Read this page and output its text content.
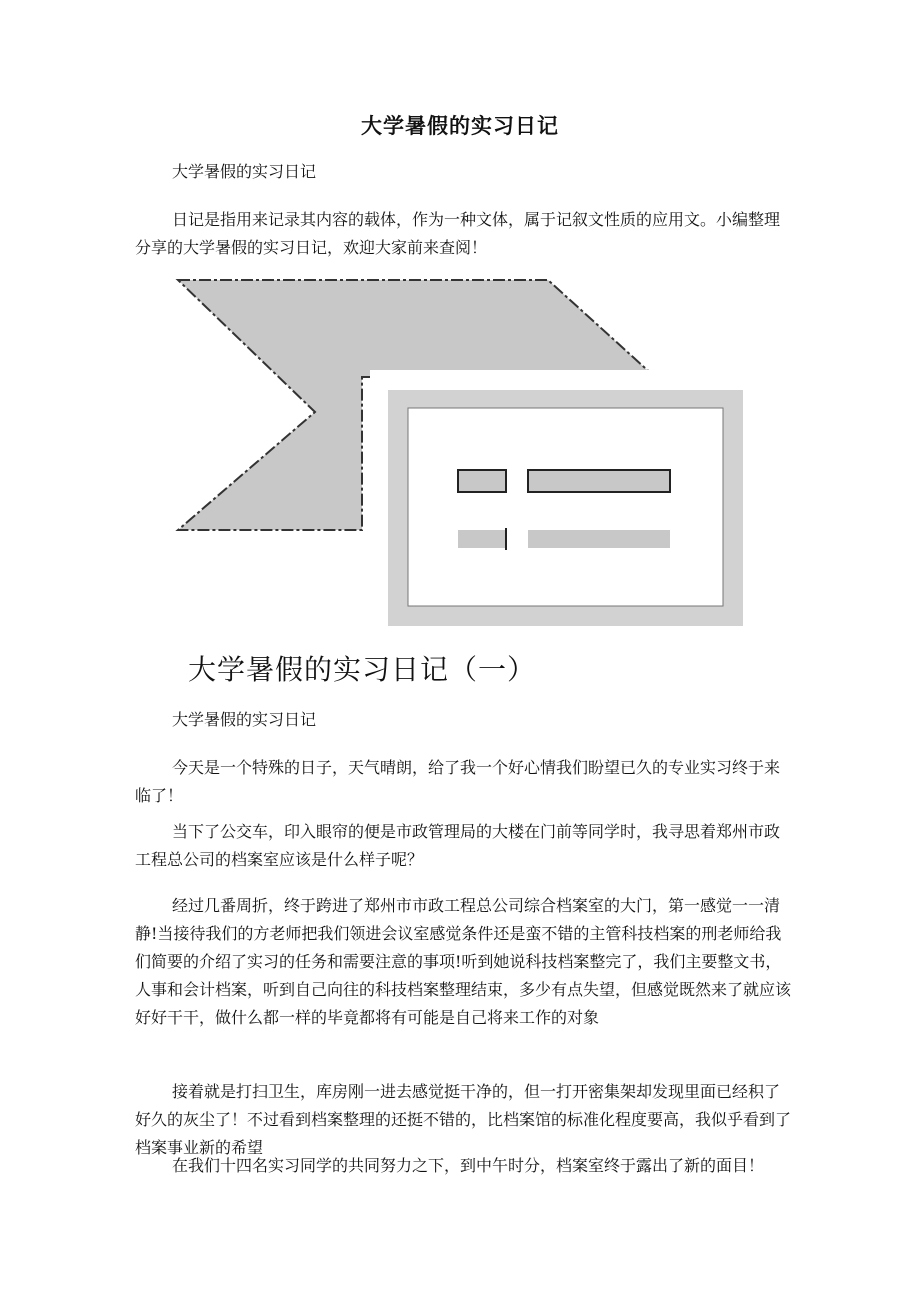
大学暑假的实习日记

大学暑假的实习日记

日记是指用来记录其内容的载体，作为一种文体，属于记叙文性质的应用文。小编整理分享的大学暑假的实习日记，欢迎大家前来查阅！

大学暑假的实习日记（一）

大学暑假的实习日记

今天是一个特殊的日子，天气晴朗，给了我一个好心情我们盼望已久的专业实习终于来临了！

当下了公交车，印入眼帘的便是市政管理局的大楼在门前等同学时，我寻思着郑州市政工程总公司的档案室应该是什么样子呢？

经过几番周折，终于跨进了郑州市市政工程总公司综合档案室的大门，第一感觉一一清静!当接待我们的方老师把我们领进会议室感觉条件还是蛮不错的主管科技档案的刑老师给我们简要的介绍了实习的任务和需要注意的事项!听到她说科技档案整完了，我们主要整文书，人事和会计档案，听到自己向往的科技档案整理结束，多少有点失望，但感觉既然来了就应该好好干干，做什么都一样的毕竟都将有可能是自己将来工作的对象

接着就是打扫卫生，库房刚一进去感觉挺干净的，但一打开密集架却发现里面已经积了好久的灰尘了！不过看到档案整理的还挺不错的，比档案馆的标准化程度要高，我似乎看到了档案事业新的希望

在我们十四名实习同学的共同努力之下，到中午时分，档案室终于露出了新的面目！
